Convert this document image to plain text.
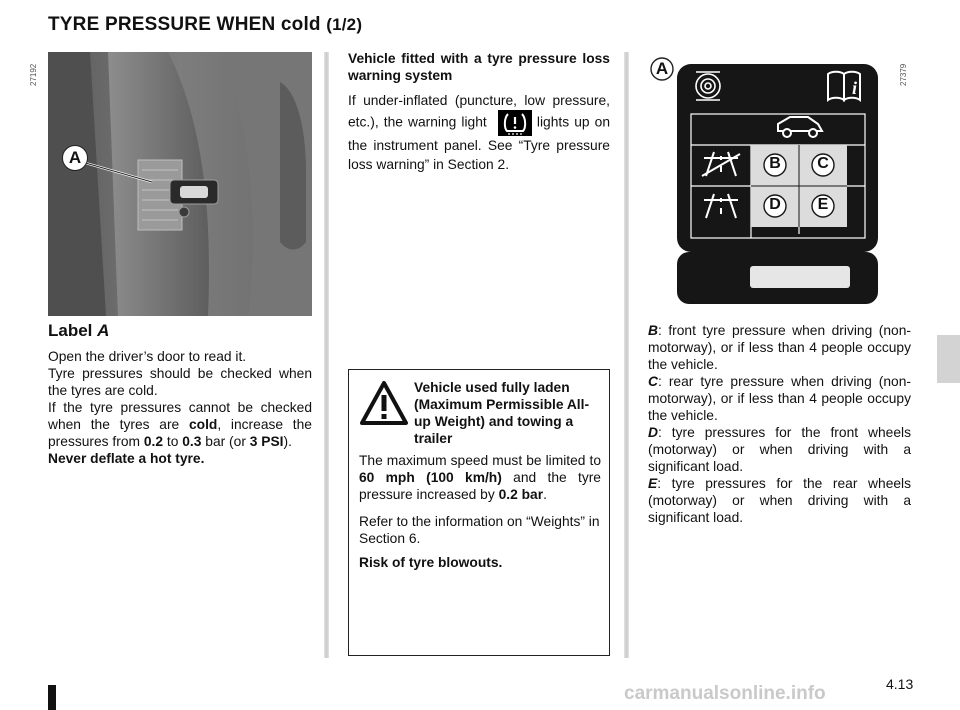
TYRE PRESSURE WHEN cold (1/2)
27192	27379
A
Label A

Open the driver’s door to read it.

Tyre pressures should be checked when the tyres are cold.

If the tyre pressures cannot be checked when the tyres are cold, increase the pressures from 0.2 to 0.3 bar (or 3 PSI).

Never deflate a hot tyre.

Vehicle fitted with a tyre pressure loss warning system
If under-inflated (puncture, low pressure, etc.), the warning light	lights up on the instrument panel. See “Tyre pressure loss warning” in Section 2.
Vehicle used fully laden (Maximum Permissible All-up Weight) and towing a trailer
The maximum speed must be limited to 60 mph (100 km/h) and the tyre pressure increased by 0.2 bar.
Refer to the information on “Weights” in Section 6.
Risk of tyre blowouts.
i
B	C
D	E
A
B: front tyre pressure when driving (non-motorway), or if less than 4 people occupy the vehicle.
C: rear tyre pressure when driving (non-motorway), or if less than 4 people occupy the vehicle.
D: tyre pressures for the front wheels (motorway) or when driving with a significant load.
E: tyre pressures for the rear wheels (motorway) or when driving with a significant load.
4.13
carmanualsonline.info
